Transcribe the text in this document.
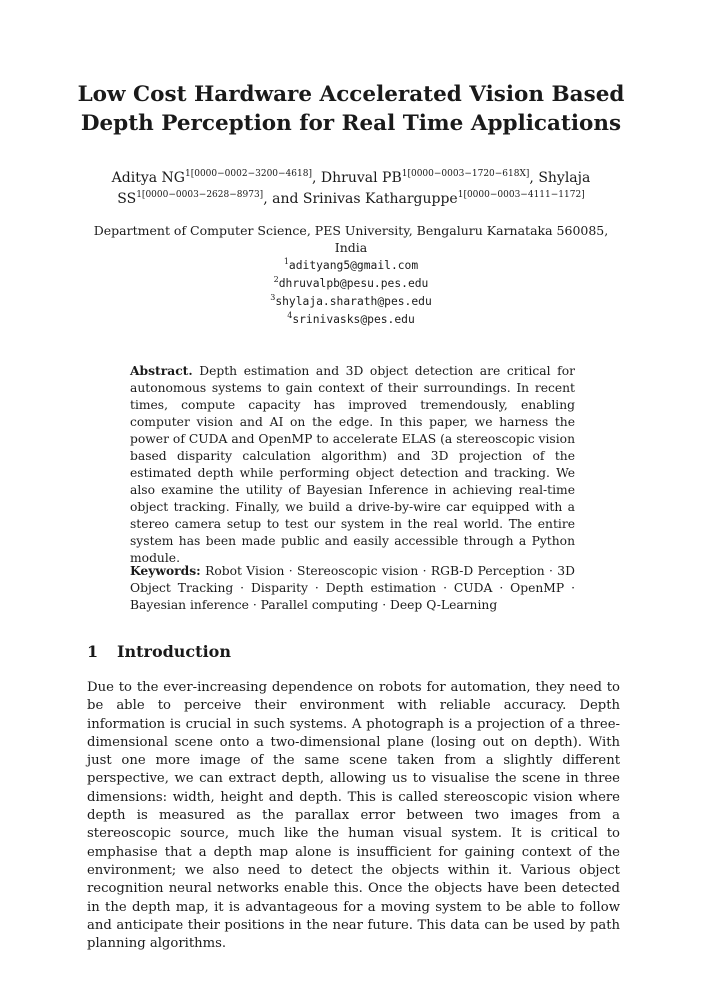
Low Cost Hardware Accelerated Vision Based Depth Perception for Real Time Applications
Aditya $NG^{1[0000-0002-3200-4618]}$, Dhruval $PB^{1[0000-0003-1720-618X]}$, Shylaja $SS^{1[0000-0003-2628-8973]}$, and Srinivas Katharguppe$^{1[0000-0003-4111-1172]}$
Department of Computer Science, PES University, Bengaluru Karnataka 560085, India
$^1$adityang5@gmail.com
$^2$dhruvalpb@pesu.pes.edu
$^3$shylaja.sharath@pes.edu
$^4$srinivasks@pes.edu
Abstract. Depth estimation and 3D object detection are critical for autonomous systems to gain context of their surroundings. In recent times, compute capacity has improved tremendously, enabling computer vision and AI on the edge. In this paper, we harness the power of CUDA and OpenMP to accelerate ELAS (a stereoscopic vision based disparity calculation algorithm) and 3D projection of the estimated depth while performing object detection and tracking. We also examine the utility of Bayesian Inference in achieving real-time object tracking. Finally, we build a drive-by-wire car equipped with a stereo camera setup to test our system in the real world. The entire system has been made public and easily accessible through a Python module.
Keywords: Robot Vision · Stereoscopic vision · RGB-D Perception · 3D Object Tracking · Disparity · Depth estimation · CUDA · OpenMP · Bayesian inference · Parallel computing · Deep Q-Learning
1 Introduction
Due to the ever-increasing dependence on robots for automation, they need to be able to perceive their environment with reliable accuracy. Depth information is crucial in such systems. A photograph is a projection of a three-dimensional scene onto a two-dimensional plane (losing out on depth). With just one more image of the same scene taken from a slightly different perspective, we can extract depth, allowing us to visualise the scene in three dimensions: width, height and depth. This is called stereoscopic vision where depth is measured as the parallax error between two images from a stereoscopic source, much like the human visual system. It is critical to emphasise that a depth map alone is insufficient for gaining context of the environment; we also need to detect the objects within it. Various object recognition neural networks enable this. Once the objects have been detected in the depth map, it is advantageous for a moving system to be able to follow and anticipate their positions in the near future. This data can be used by path planning algorithms.
